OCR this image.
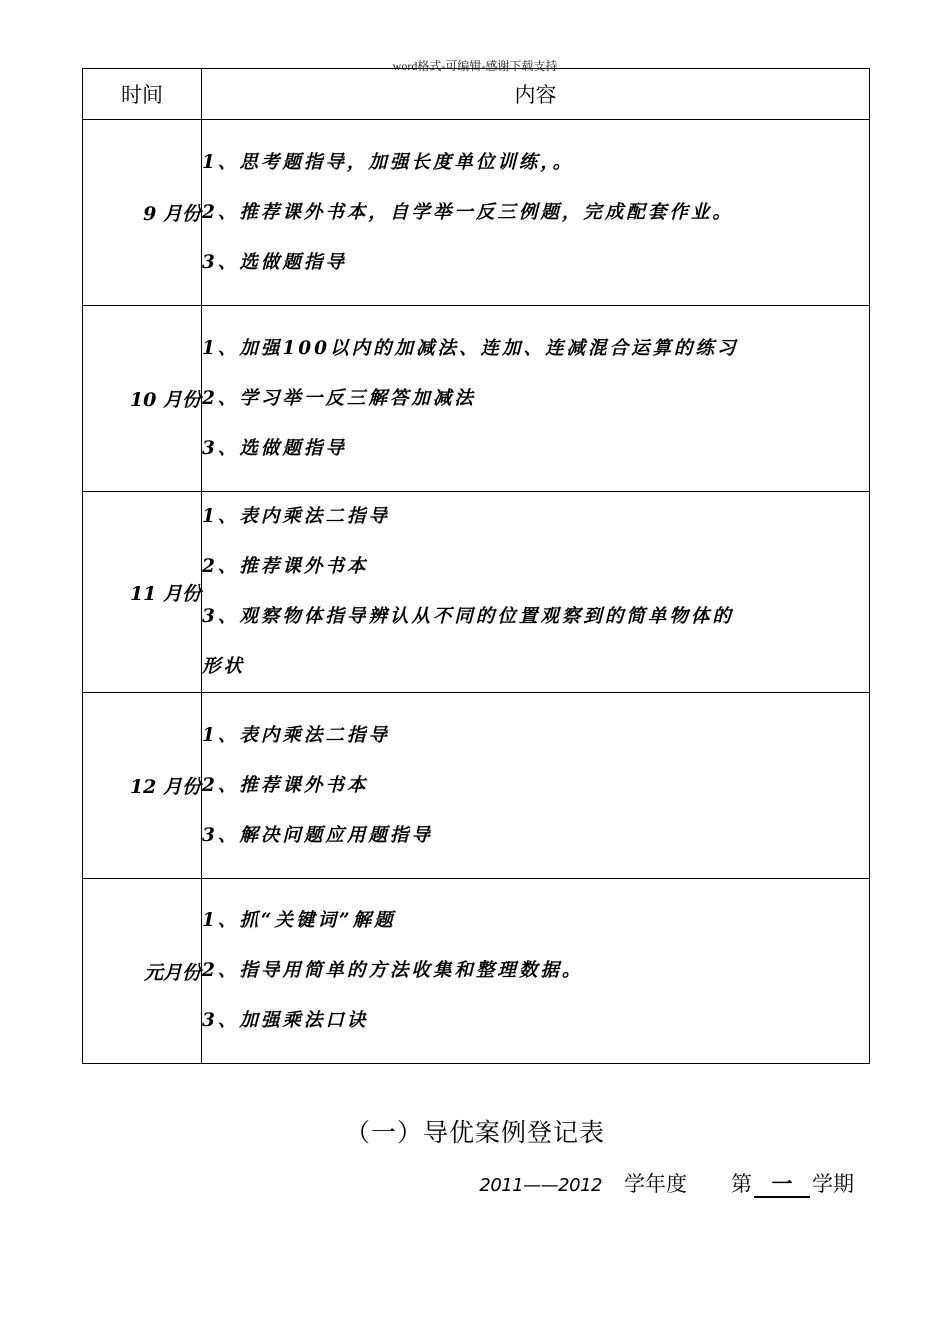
word格式-可编辑-感谢下载支持
时间	内容
9 月份	1、思考题指导，加强长度单位训练，。
2、推荐课外书本，自学举一反三例题，完成配套作业。
3、选做题指导

10 月份	1、加强100以内的加减法、连加、连减混合运算的练习
2、学习举一反三解答加减法
3、选做题指导

11 月份	1、表内乘法二指导
2、推荐课外书本
3、观察物体指导辨认从不同的位置观察到的简单物体的
形状

12 月份	1、表内乘法二指导
2、推荐课外书本
3、解决问题应用题指导

元月份	1、抓“关键词”解题
2、指导用简单的方法收集和整理数据。
3、加强乘法口诀
（一）导优案例登记表
2011——2012 学年度 第 一 学期
